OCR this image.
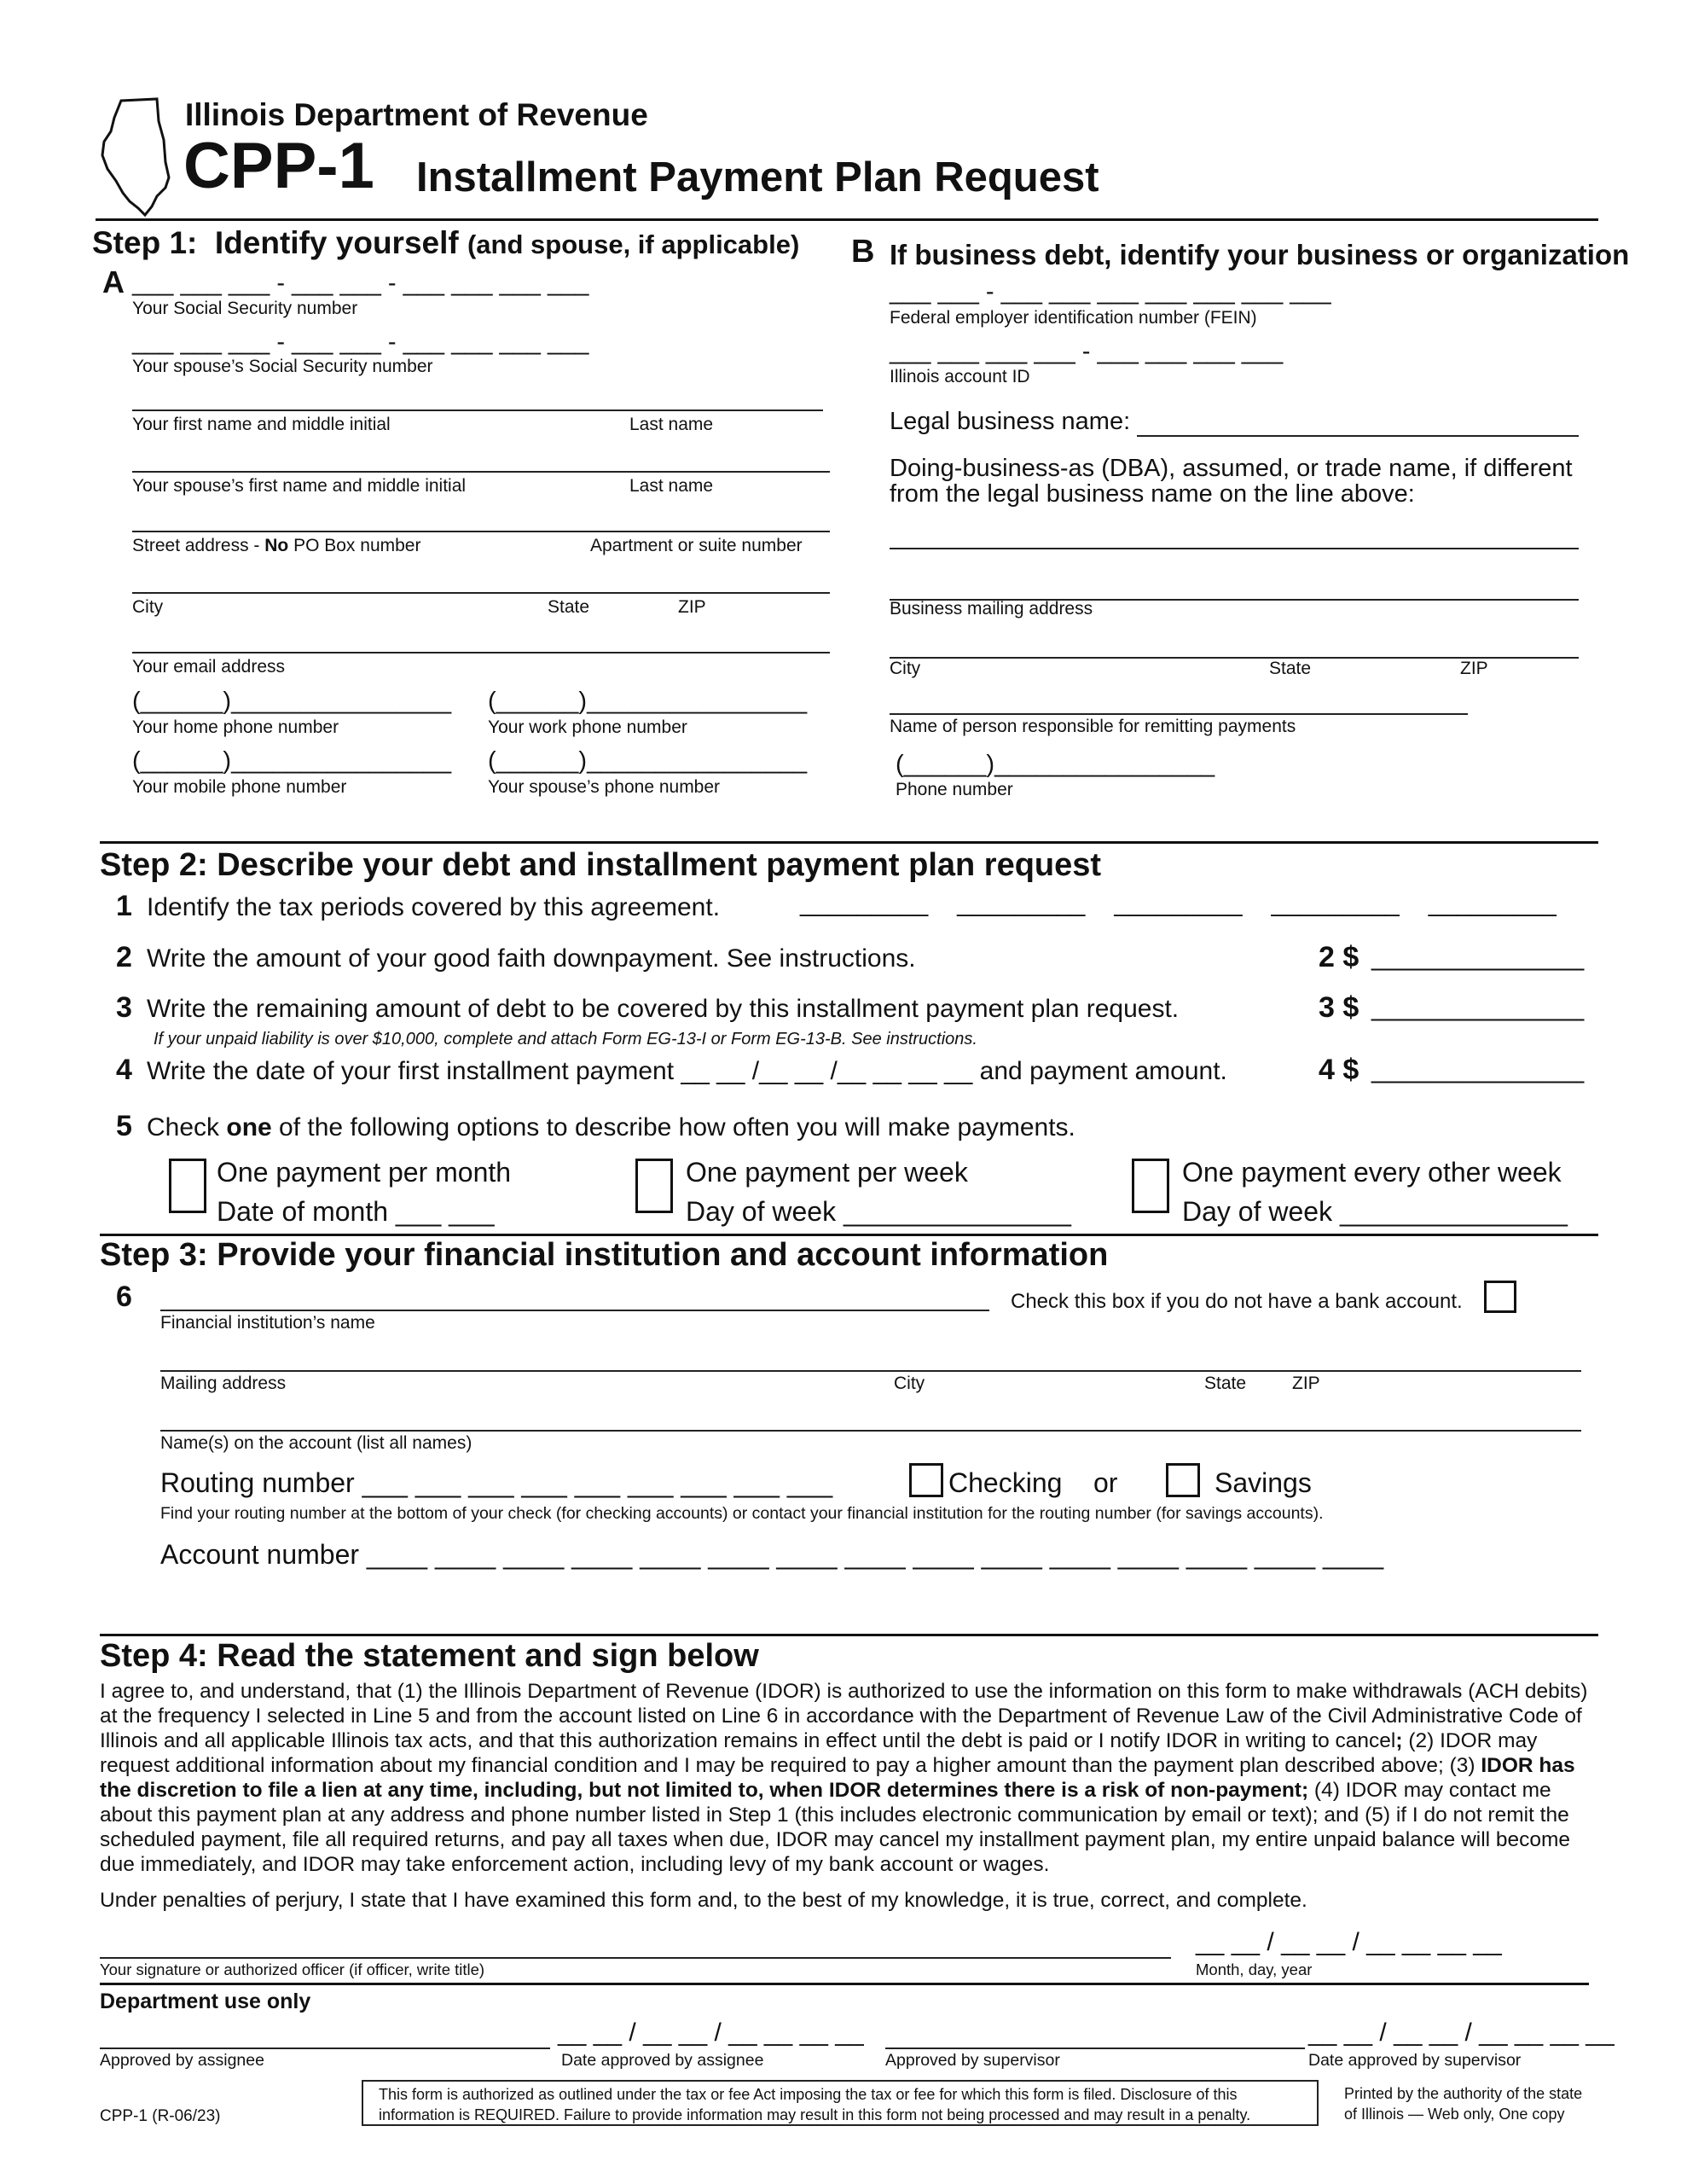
Illinois Department of Revenue
CPP-1 Installment Payment Plan Request
Step 1: Identify yourself (and spouse, if applicable)
A ___ ___ ___ - ___ ___ - ___ ___ ___ ___
Your Social Security number
___ ___ ___ - ___ ___ - ___ ___ ___ ___
Your spouse’s Social Security number
Your first name and middle initial	Last name
Your spouse’s first name and middle initial	Last name
Street address - No PO Box number	Apartment or suite number
City	State	ZIP
Your email address
(______)________________
Your home phone number
(______)________________
Your work phone number
(______)________________
Your mobile phone number
(______)________________
Your spouse’s phone number
B If business debt, identify your business or organization
___ ___ - ___ ___ ___ ___ ___ ___ ___
Federal employer identification number (FEIN)
___ ___ ___ ___ - ___ ___ ___ ___
Illinois account ID
Legal business name:
Doing-business-as (DBA), assumed, or trade name, if different
from the legal business name on the line above:
Business mailing address
City	State	ZIP
Name of person responsible for remitting payments
(______)________________
Phone number
Step 2: Describe your debt and installment payment plan request
1 Identify the tax periods covered by this agreement.	_________ _________ _________ _________ _________
2 Write the amount of your good faith downpayment. See instructions.	2 $ ______________
3 Write the remaining amount of debt to be covered by this installment payment plan request.	3 $ ______________
If your unpaid liability is over $10,000, complete and attach Form EG-13-I or Form EG-13-B. See instructions.
4 Write the date of your first installment payment __ __ /__ __ /__ __ __ __ and payment amount.	4 $ ______________
5 Check one of the following options to describe how often you will make payments.
One payment per month
Date of month ___ ___
One payment per week
Day of week _______________
One payment every other week
Day of week _______________
Step 3: Provide your financial institution and account information
6
Financial institution’s name
Check this box if you do not have a bank account.
Mailing address	City	State	ZIP
Name(s) on the account (list all names)
Routing number ___ ___ ___ ___ ___ ___ ___ ___ ___	Checking or	Savings
Find your routing number at the bottom of your check (for checking accounts) or contact your financial institution for the routing number (for savings accounts).
Account number ____ ____ ____ ____ ____ ____ ____ ____ ____ ____ ____ ____ ____ ____ ____
Step 4: Read the statement and sign below
I agree to, and understand, that (1) the Illinois Department of Revenue (IDOR) is authorized to use the information on this form to make withdrawals (ACH debits) at the frequency I selected in Line 5 and from the account listed on Line 6 in accordance with the Department of Revenue Law of the Civil Administrative Code of Illinois and all applicable Illinois tax acts, and that this authorization remains in effect until the debt is paid or I notify IDOR in writing to cancel; (2) IDOR may request additional information about my financial condition and I may be required to pay a higher amount than the payment plan described above; (3) IDOR has the discretion to file a lien at any time, including, but not limited to, when IDOR determines there is a risk of non-payment; (4) IDOR may contact me about this payment plan at any address and phone number listed in Step 1 (this includes electronic communication by email or text); and (5) if I do not remit the scheduled payment, file all required returns, and pay all taxes when due, IDOR may cancel my installment payment plan, my entire unpaid balance will become due immediately, and IDOR may take enforcement action, including levy of my bank account or wages.
Under penalties of perjury, I state that I have examined this form and, to the best of my knowledge, it is true, correct, and complete.
__ __ / __ __ / __ __ __ __
Your signature or authorized officer (if officer, write title)	Month, day, year
Department use only
__ __ / __ __ / __ __ __ __	__ __ / __ __ / __ __ __ __
Approved by assignee	Date approved by assignee	Approved by supervisor	Date approved by supervisor
CPP-1 (R-06/23)
This form is authorized as outlined under the tax or fee Act imposing the tax or fee for which this form is filed. Disclosure of this
information is REQUIRED. Failure to provide information may result in this form not being processed and may result in a penalty.
Printed by the authority of the state
of Illinois — Web only, One copy
